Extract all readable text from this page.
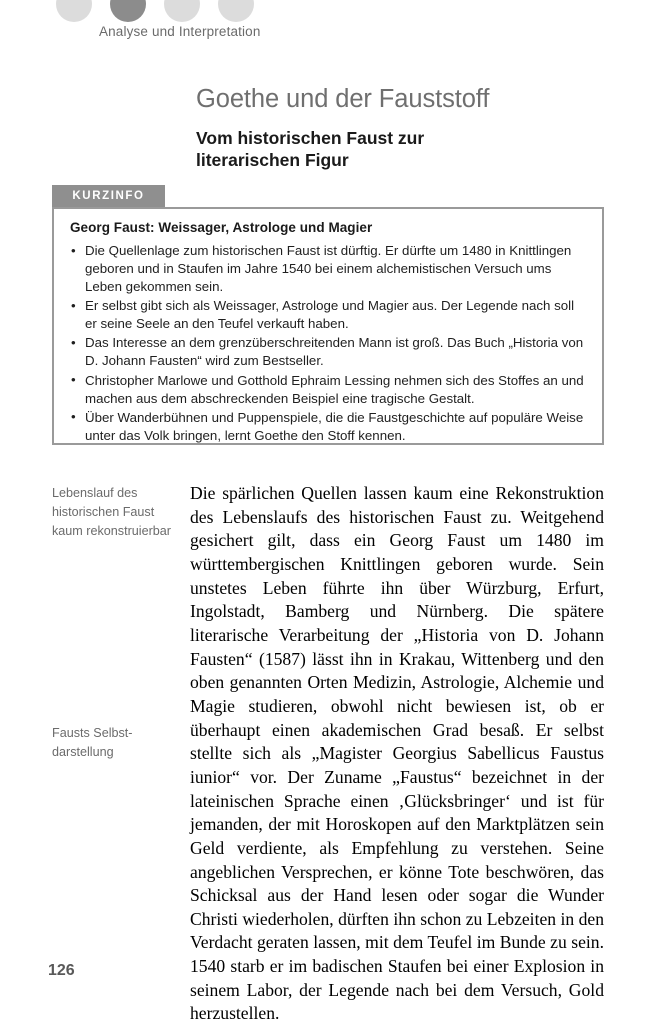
Analyse und Interpretation
Goethe und der Fauststoff
Vom historischen Faust zur literarischen Figur
KURZINFO
Georg Faust: Weissager, Astrologe und Magier
• Die Quellenlage zum historischen Faust ist dürftig. Er dürfte um 1480 in Knittlingen geboren und in Staufen im Jahre 1540 bei einem alchemistischen Versuch ums Leben gekommen sein.
• Er selbst gibt sich als Weissager, Astrologe und Magier aus. Der Legende nach soll er seine Seele an den Teufel verkauft haben.
• Das Interesse an dem grenzüberschreitenden Mann ist groß. Das Buch „Historia von D. Johann Fausten“ wird zum Bestseller.
• Christopher Marlowe und Gotthold Ephraim Lessing nehmen sich des Stoffes an und machen aus dem abschreckenden Beispiel eine tragische Gestalt.
• Über Wanderbühnen und Puppenspiele, die die Faustgeschichte auf populäre Weise unter das Volk bringen, lernt Goethe den Stoff kennen.
Lebenslauf des historischen Faust kaum rekonstruierbar
Fausts Selbst-darstellung

Die spärlichen Quellen lassen kaum eine Rekonstruktion des Lebenslaufs des historischen Faust zu. Weitgehend gesichert gilt, dass ein Georg Faust um 1480 im württembergischen Knittlingen geboren wurde. Sein unstetes Leben führte ihn über Würzburg, Erfurt, Ingolstadt, Bamberg und Nürnberg. Die spätere literarische Verarbeitung der „Historia von D. Johann Fausten“ (1587) lässt ihn in Krakau, Wittenberg und den oben genannten Orten Medizin, Astrologie, Alchemie und Magie studieren, obwohl nicht bewiesen ist, ob er überhaupt einen akademischen Grad besaß. Er selbst stellte sich als „Magister Georgius Sabellicus Faustus iunior“ vor. Der Zuname „Faustus“ bezeichnet in der lateinischen Sprache einen ‚Glücksbringer‘ und ist für jemanden, der mit Horoskopen auf den Marktplätzen sein Geld verdiente, als Empfehlung zu verstehen. Seine angeblichen Versprechen, er könne Tote beschwören, das Schicksal aus der Hand lesen oder sogar die Wunder Christi wiederholen, dürften ihn schon zu Lebzeiten in den Verdacht geraten lassen, mit dem Teufel im Bunde zu sein. 1540 starb er im badischen Staufen bei einer Explosion in seinem Labor, der Legende nach bei dem Versuch, Gold herzustellen.

126
